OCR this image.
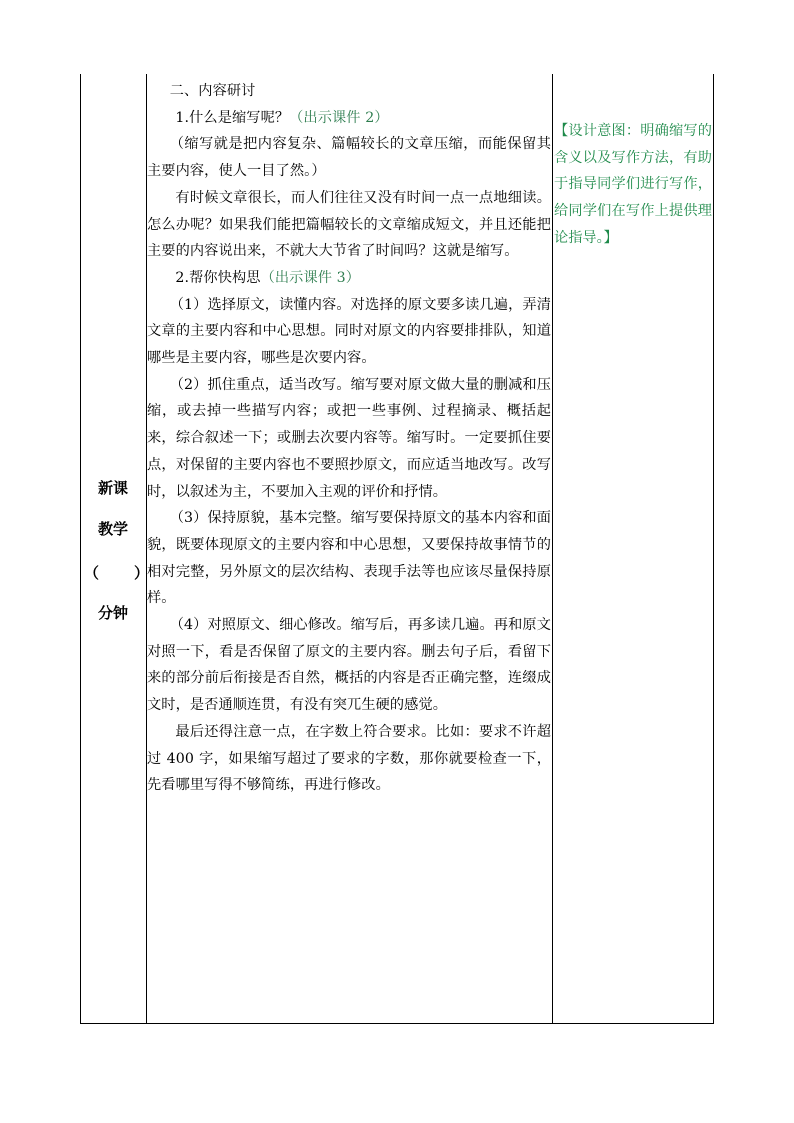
新课
教学
（ ）
分钟

二、内容研讨

1.什么是缩写呢？（出示课件 2）

（缩写就是把内容复杂、篇幅较长的文章压缩，而能保留其主要内容，使人一目了然。）

有时候文章很长，而人们往往又没有时间一点一点地细读。怎么办呢？如果我们能把篇幅较长的文章缩成短文，并且还能把主要的内容说出来，不就大大节省了时间吗？这就是缩写。

2.帮你快构思（出示课件 3）

（1）选择原文，读懂内容。对选择的原文要多读几遍，弄清文章的主要内容和中心思想。同时对原文的内容要排排队，知道哪些是主要内容，哪些是次要内容。

（2）抓住重点，适当改写。缩写要对原文做大量的删减和压缩，或去掉一些描写内容；或把一些事例、过程摘录、概括起来，综合叙述一下；或删去次要内容等。缩写时。一定要抓住要点，对保留的主要内容也不要照抄原文，而应适当地改写。改写时，以叙述为主，不要加入主观的评价和抒情。

（3）保持原貌，基本完整。缩写要保持原文的基本内容和面貌，既要体现原文的主要内容和中心思想，又要保持故事情节的相对完整，另外原文的层次结构、表现手法等也应该尽量保持原样。

（4）对照原文、细心修改。缩写后，再多读几遍。再和原文对照一下，看是否保留了原文的主要内容。删去句子后，看留下来的部分前后衔接是否自然，概括的内容是否正确完整，连缀成文时，是否通顺连贯，有没有突兀生硬的感觉。

最后还得注意一点，在字数上符合要求。比如：要求不许超过 400 字，如果缩写超过了要求的字数，那你就要检查一下，先看哪里写得不够简练，再进行修改。

【设计意图：明确缩写的含义以及写作方法，有助于指导同学们进行写作，给同学们在写作上提供理论指导。】
